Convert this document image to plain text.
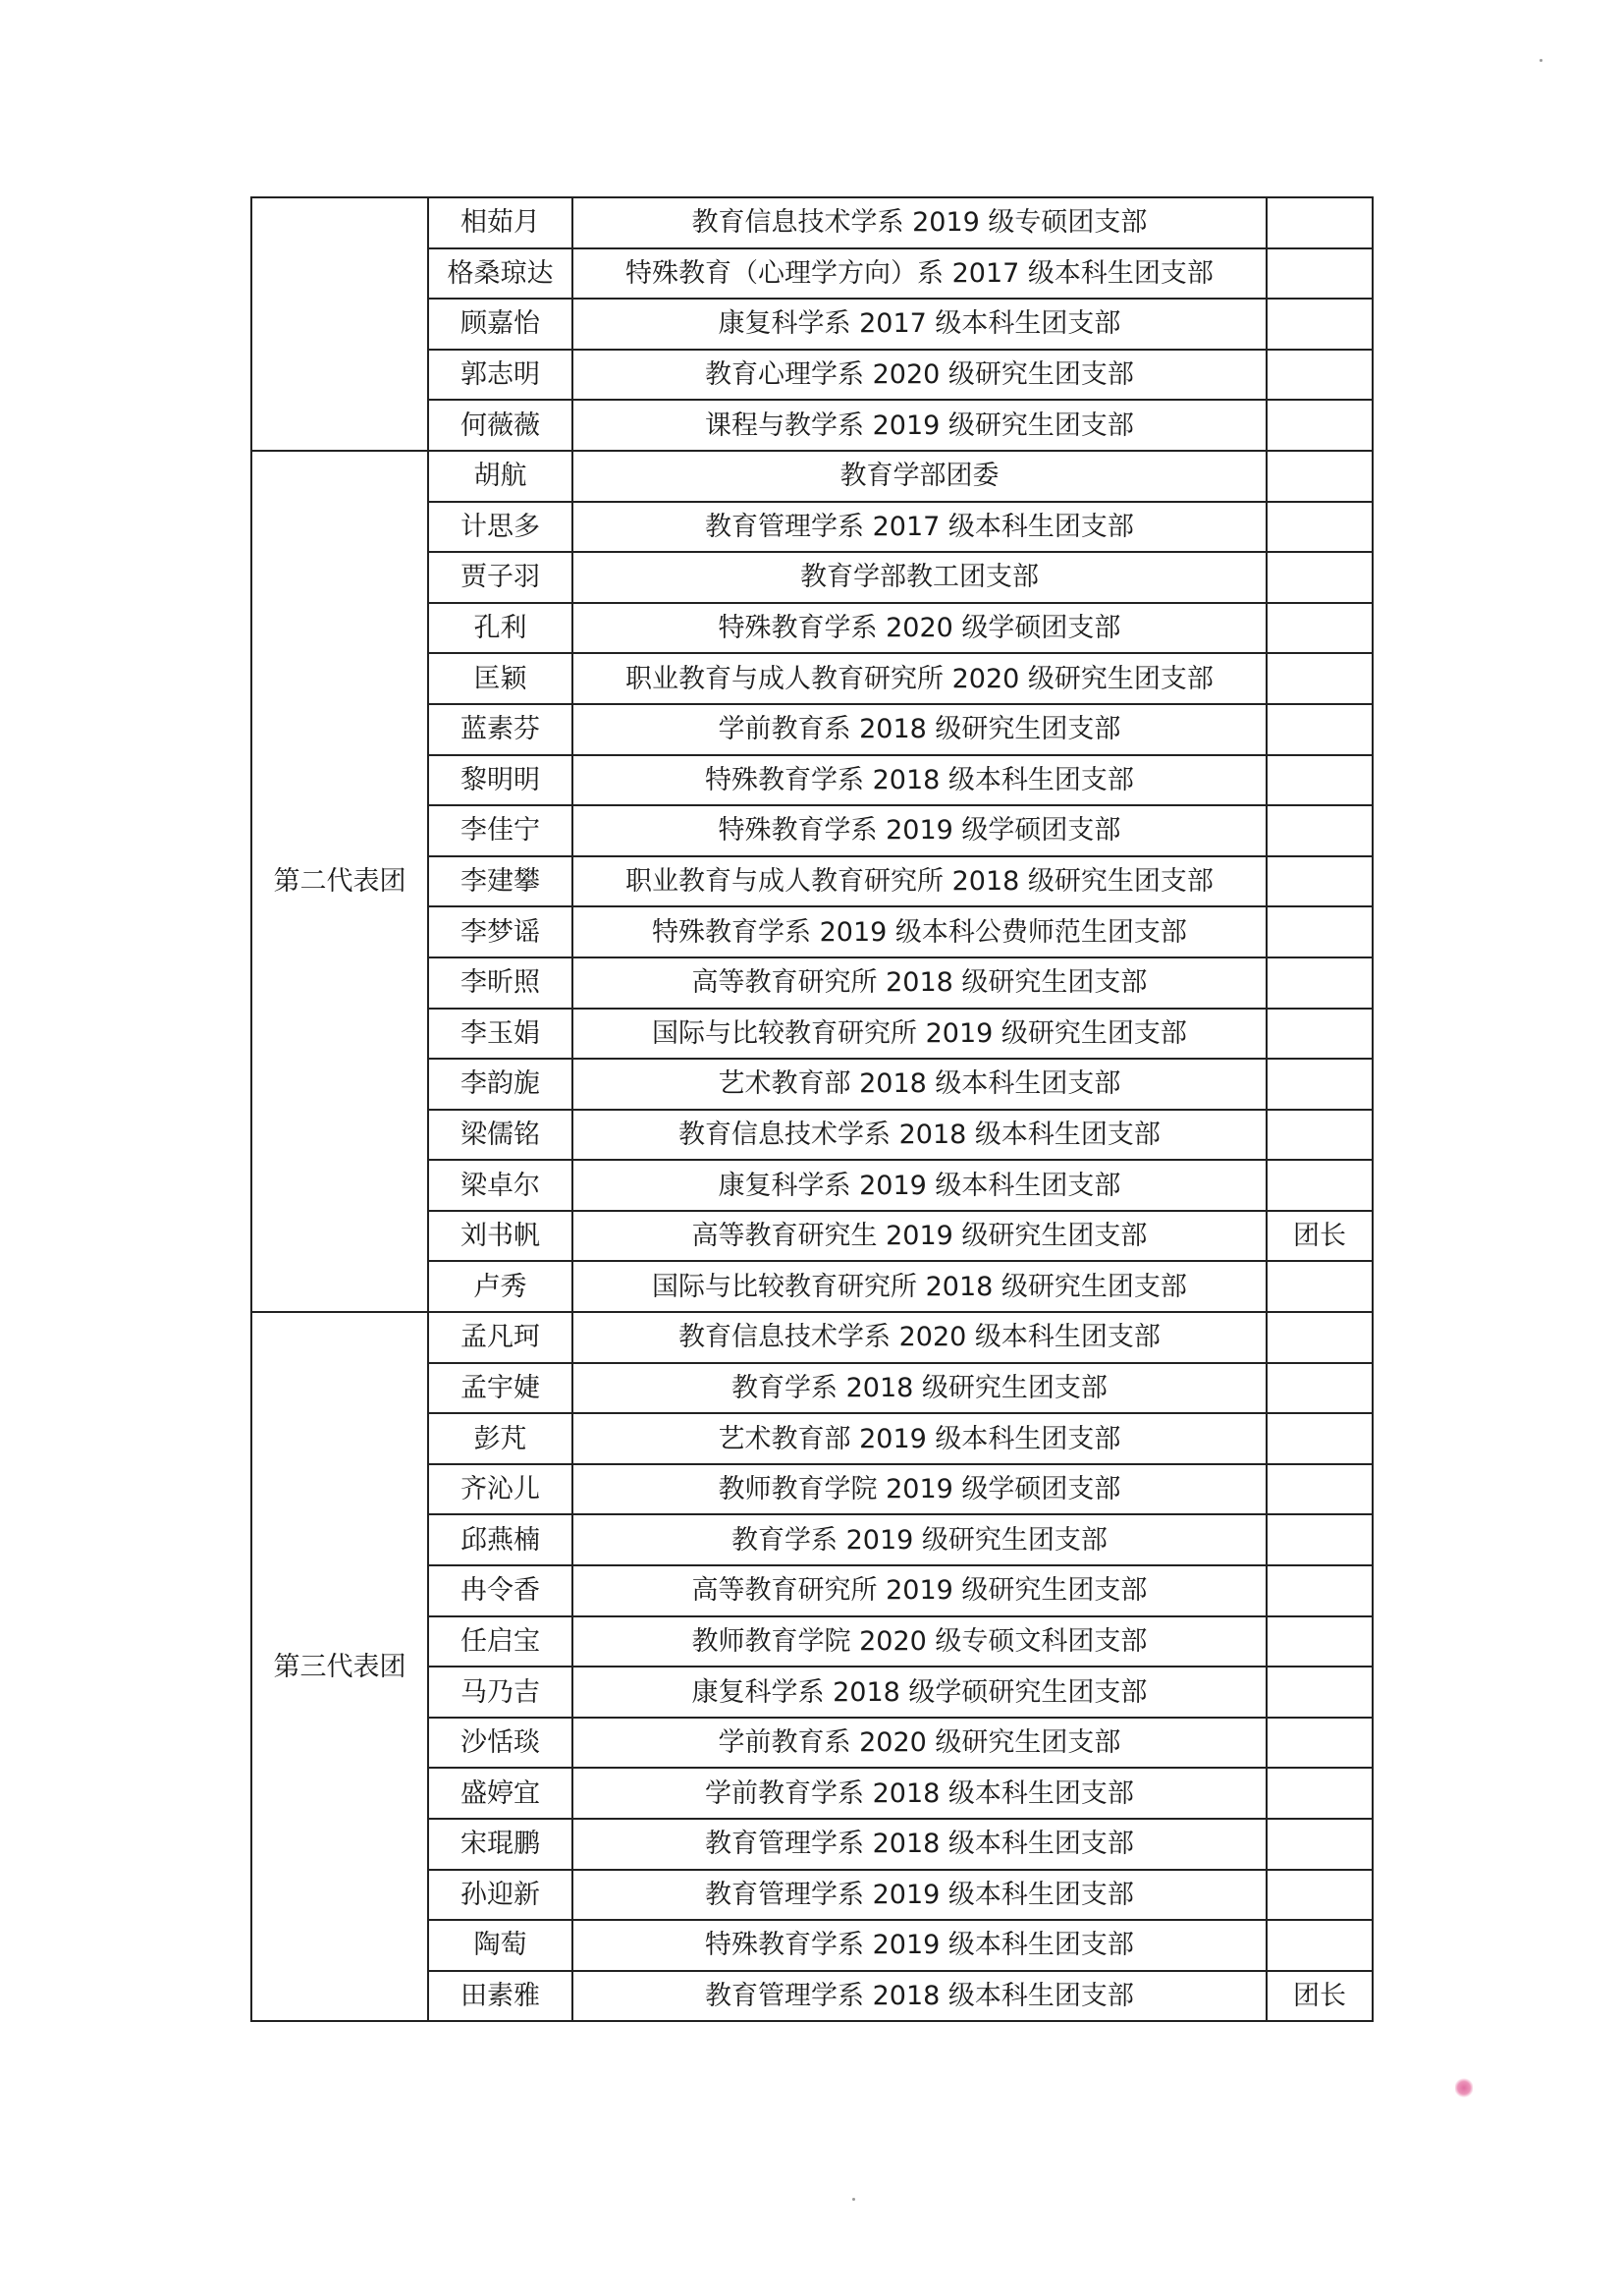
	相茹月	教育信息技术学系 2019 级专硕团支部	
	格桑琼达	特殊教育（心理学方向）系 2017 级本科生团支部	
	顾嘉怡	康复科学系 2017 级本科生团支部	
	郭志明	教育心理学系 2020 级研究生团支部	
	何薇薇	课程与教学系 2019 级研究生团支部	
第二代表团	胡航	教育学部团委	
	计思多	教育管理学系 2017 级本科生团支部	
	贾子羽	教育学部教工团支部	
	孔利	特殊教育学系 2020 级学硕团支部	
	匡颖	职业教育与成人教育研究所 2020 级研究生团支部	
	蓝素芬	学前教育系 2018 级研究生团支部	
	黎明明	特殊教育学系 2018 级本科生团支部	
	李佳宁	特殊教育学系 2019 级学硕团支部	
	李建攀	职业教育与成人教育研究所 2018 级研究生团支部	
	李梦谣	特殊教育学系 2019 级本科公费师范生团支部	
	李昕照	高等教育研究所 2018 级研究生团支部	
	李玉娟	国际与比较教育研究所 2019 级研究生团支部	
	李韵旎	艺术教育部 2018 级本科生团支部	
	梁儒铭	教育信息技术学系 2018 级本科生团支部	
	梁卓尔	康复科学系 2019 级本科生团支部	
	刘书帆	高等教育研究生 2019 级研究生团支部	团长
	卢秀	国际与比较教育研究所 2018 级研究生团支部	
第三代表团	孟凡珂	教育信息技术学系 2020 级本科生团支部	
	孟宇婕	教育学系 2018 级研究生团支部	
	彭芃	艺术教育部 2019 级本科生团支部	
	齐沁儿	教师教育学院 2019 级学硕团支部	
	邱燕楠	教育学系 2019 级研究生团支部	
	冉令香	高等教育研究所 2019 级研究生团支部	
	任启宝	教师教育学院 2020 级专硕文科团支部	
	马乃吉	康复科学系 2018 级学硕研究生团支部	
	沙恬琰	学前教育系 2020 级研究生团支部	
	盛婷宜	学前教育学系 2018 级本科生团支部	
	宋琨鹏	教育管理学系 2018 级本科生团支部	
	孙迎新	教育管理学系 2019 级本科生团支部	
	陶萄	特殊教育学系 2019 级本科生团支部	
	田素雅	教育管理学系 2018 级本科生团支部	团长
